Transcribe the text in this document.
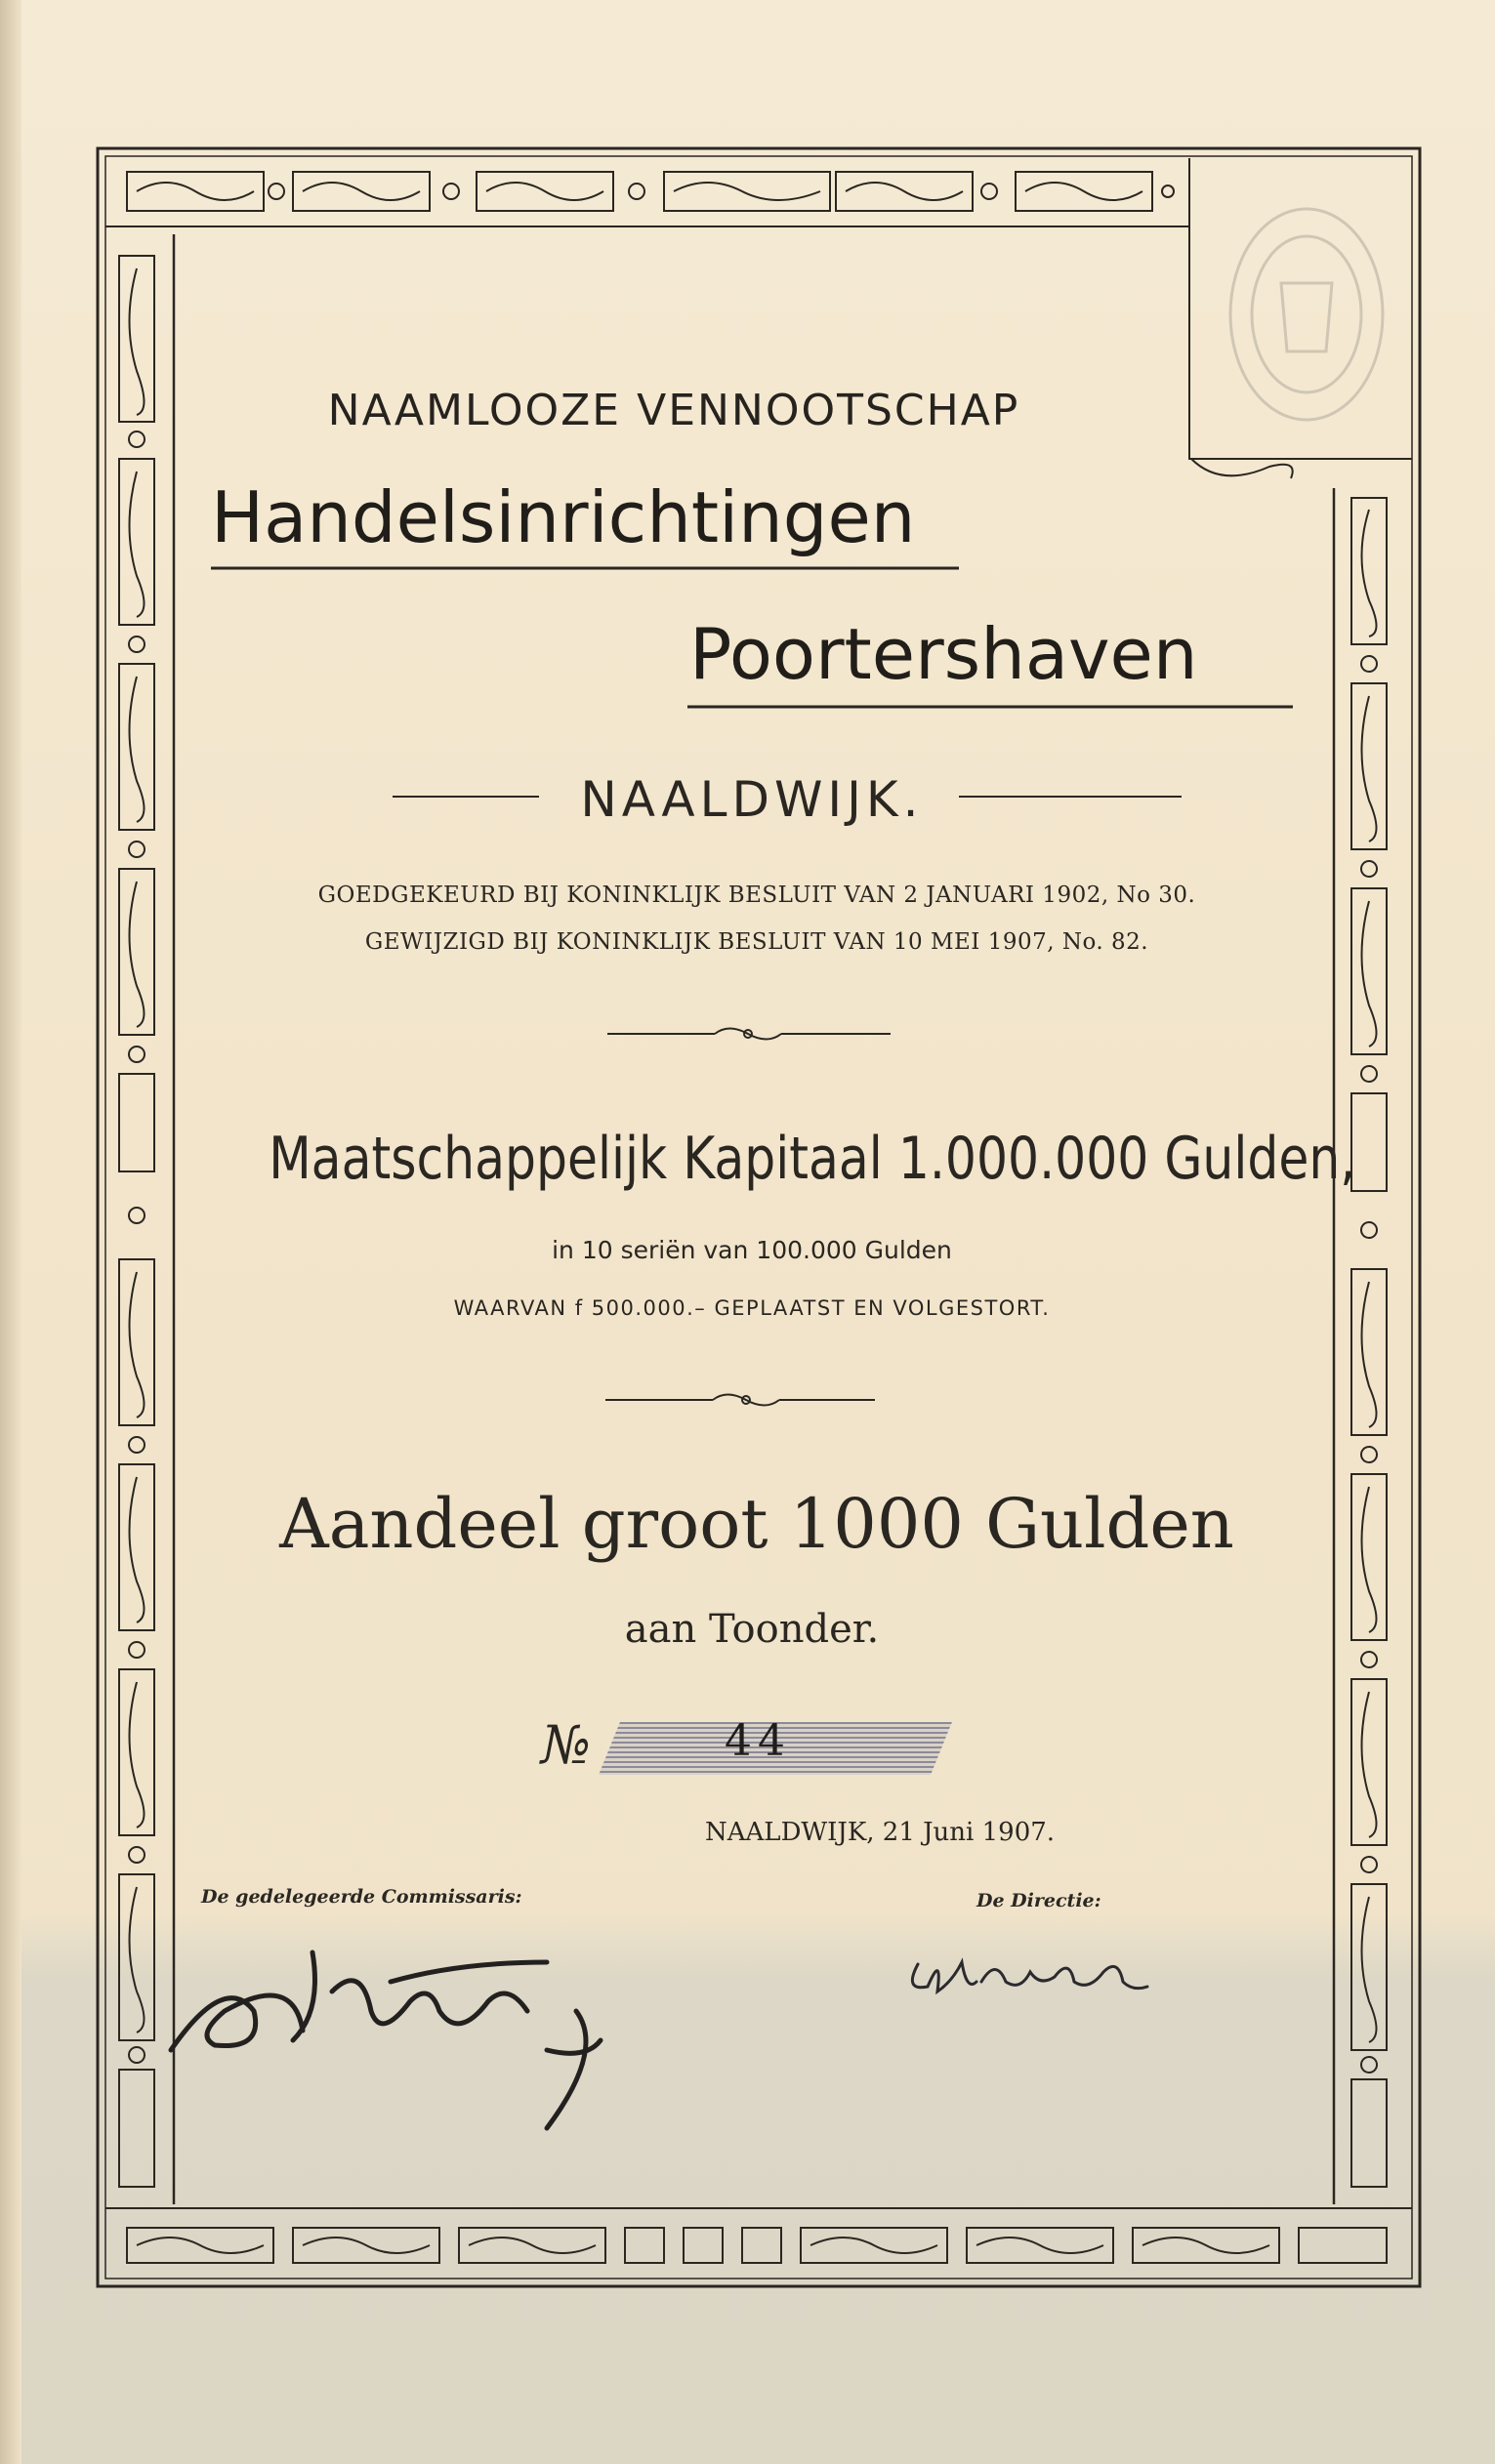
NAAMLOOZE VENNOOTSCHAP

Handelsinrichtingen

Poortershaven

NAALDWIJK.

GOEDGEKEURD BIJ KONINKLIJK BESLUIT VAN 2 JANUARI 1902, No 30.

GEWIJZIGD BIJ KONINKLIJK BESLUIT VAN 10 MEI 1907, No. 82.

Maatschappelijk Kapitaal 1.000.000 Gulden,

in 10 seriën van 100.000 Gulden

WAARVAN f 500.000.– GEPLAATST EN VOLGESTORT.

Aandeel groot 1000 Gulden

aan Toonder.

№	44

NAALDWIJK, 21 Juni 1907.

De gedelegeerde Commissaris:	De Directie:
